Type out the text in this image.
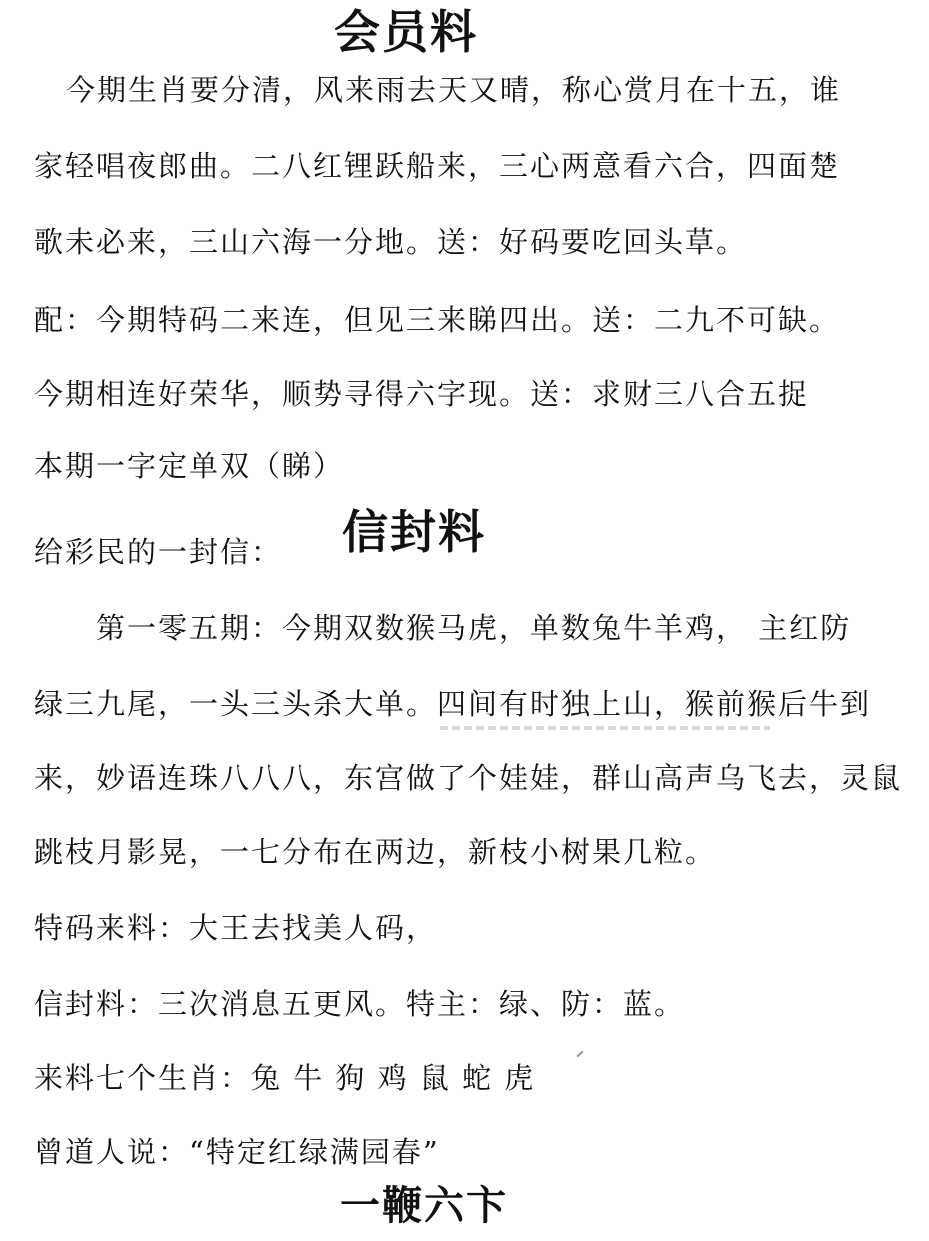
会员料
今期生肖要分清，风来雨去天又晴，称心赏月在十五，谁
家轻唱夜郎曲。二八红锂跃船来，三心两意看六合，四面楚
歌未必来，三山六海一分地。送：好码要吃回头草。
配：今期特码二来连，但见三来睇四出。送：二九不可缺。
今期相连好荣华，顺势寻得六字现。送：求财三八合五捉
本期一字定单双（睇）
给彩民的一封信： 信封料
第一零五期：今期双数猴马虎，单数兔牛羊鸡， 主红防
绿三九尾，一头三头杀大单。四间有时独上山，猴前猴后牛到
来，妙语连珠八八八，东宫做了个娃娃，群山高声乌飞去，灵鼠
跳枝月影晃，一七分布在两边，新枝小树果几粒。
特码来料：大王去找美人码，
信封料：三次消息五更风。特主：绿、防：蓝。
来料七个生肖：兔 牛 狗 鸡 鼠 蛇 虎
曾道人说：“特定红绿满园春”
一鞭六卞
